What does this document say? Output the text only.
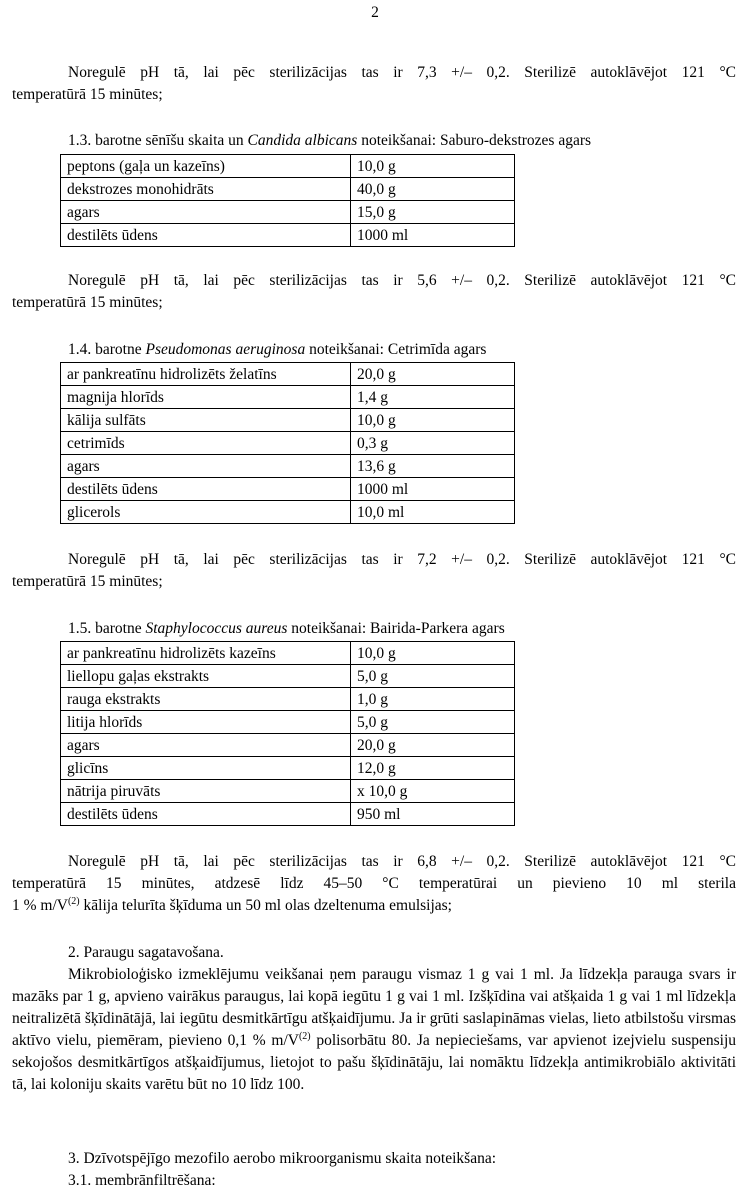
2
Noregulē pH tā, lai pēc sterilizācijas tas ir 7,3 +/– 0,2. Sterilizē autoklāvējot 121 °C
temperatūrā 15 minūtes;
1.3. barotne sēnīšu skaita un Candida albicans noteikšanai: Saburo-dekstrozes agars
peptons (gaļa un kazeīns)	10,0 g
dekstrozes monohidrāts	40,0 g
agars	15,0 g
destilēts ūdens	1000 ml
Noregulē pH tā, lai pēc sterilizācijas tas ir 5,6 +/– 0,2. Sterilizē autoklāvējot 121 °C
temperatūrā 15 minūtes;
1.4. barotne Pseudomonas aeruginosa noteikšanai: Cetrimīda agars
ar pankreatīnu hidrolizēts želatīns	20,0 g
magnija hlorīds	1,4 g
kālija sulfāts	10,0 g
cetrimīds	0,3 g
agars	13,6 g
destilēts ūdens	1000 ml
glicerols	10,0 ml
Noregulē pH tā, lai pēc sterilizācijas tas ir 7,2 +/– 0,2. Sterilizē autoklāvējot 121 °C
temperatūrā 15 minūtes;
1.5. barotne Staphylococcus aureus noteikšanai: Bairida-Parkera agars
ar pankreatīnu hidrolizēts kazeīns	10,0 g
liellopu gaļas ekstrakts	5,0 g
rauga ekstrakts	1,0 g
litija hlorīds	5,0 g
agars	20,0 g
glicīns	12,0 g
nātrija piruvāts	x 10,0 g
destilēts ūdens	950 ml
Noregulē pH tā, lai pēc sterilizācijas tas ir 6,8 +/– 0,2. Sterilizē autoklāvējot 121 °C
temperatūrā 15 minūtes, atdzesē līdz 45–50 °C temperatūrai un pievieno 10 ml sterila
1 % $m/V^{(2)}$ kālija telurīta šķīduma un 50 ml olas dzeltenuma emulsijas;
2. Paraugu sagatavošana.
Mikrobioloģisko izmeklējumu veikšanai ņem paraugu vismaz 1 g vai 1 ml. Ja līdzekļa parauga svars ir mazāks par 1 g, apvieno vairākus paraugus, lai kopā iegūtu 1 g vai 1 ml. Izšķīdina vai atšķaida 1 g vai 1 ml līdzekļa neitralizētā šķīdinātājā, lai iegūtu desmitkārtīgu atšķaidījumu. Ja ir grūti saslapināmas vielas, lieto atbilstošu virsmas aktīvo vielu, piemēram, pievieno 0,1 % $m/V^{(2)}$ polisorbātu 80. Ja nepieciešams, var apvienot izejvielu suspensiju sekojošos desmitkārtīgos atšķaidījumus, lietojot to pašu šķīdinātāju, lai nomāktu līdzekļa antimikrobiālo aktivitāti tā, lai koloniju skaits varētu būt no 10 līdz 100.
3. Dzīvotspējīgo mezofilo aerobo mikroorganismu skaita noteikšana:
3.1. membrānfiltrēšana:
